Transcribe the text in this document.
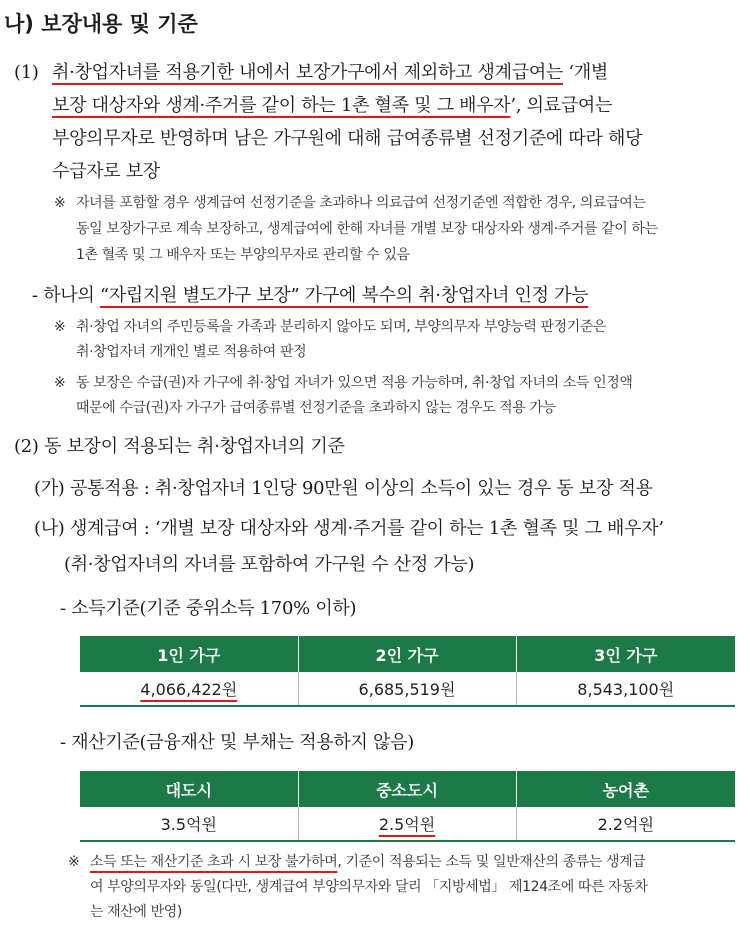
나) 보장내용 및 기준
(1) 취·창업자녀를 적용기한 내에서 보장가구에서 제외하고 생계급여는 ‘개별
보장 대상자와 생계·주거를 같이 하는 1촌 혈족 및 그 배우자’, 의료급여는
부양의무자로 반영하며 남은 가구원에 대해 급여종류별 선정기준에 따라 해당
수급자로 보장
※ 자녀를 포함할 경우 생계급여 선정기준을 초과하나 의료급여 선정기준엔 적합한 경우, 의료급여는
동일 보장가구로 계속 보장하고, 생계급여에 한해 자녀를 개별 보장 대상자와 생계·주거를 같이 하는
1촌 혈족 및 그 배우자 또는 부양의무자로 관리할 수 있음
- 하나의 “자립지원 별도가구 보장” 가구에 복수의 취·창업자녀 인정 가능
※ 취·창업 자녀의 주민등록을 가족과 분리하지 않아도 되며, 부양의무자 부양능력 판정기준은
취·창업자녀 개개인 별로 적용하여 판정
※ 동 보장은 수급(권)자 가구에 취·창업 자녀가 있으면 적용 가능하며, 취·창업 자녀의 소득 인정액
때문에 수급(권)자 가구가 급여종류별 선정기준을 초과하지 않는 경우도 적용 가능
(2) 동 보장이 적용되는 취·창업자녀의 기준
(가) 공통적용 : 취·창업자녀 1인당 90만원 이상의 소득이 있는 경우 동 보장 적용
(나) 생계급여 : ‘개별 보장 대상자와 생계·주거를 같이 하는 1촌 혈족 및 그 배우자’
(취·창업자녀의 자녀를 포함하여 가구원 수 산정 가능)
- 소득기준(기준 중위소득 170% 이하)
1인 가구	2인 가구	3인 가구
4,066,422원	6,685,519원	8,543,100원
- 재산기준(금융재산 및 부채는 적용하지 않음)
대도시	중소도시	농어촌
3.5억원	2.5억원	2.2억원
※ 소득 또는 재산기준 초과 시 보장 불가하며, 기준이 적용되는 소득 및 일반재산의 종류는 생계급
여 부양의무자와 동일(다만, 생계급여 부양의무자와 달리 「지방세법」 제124조에 따른 자동차
는 재산에 반영)
